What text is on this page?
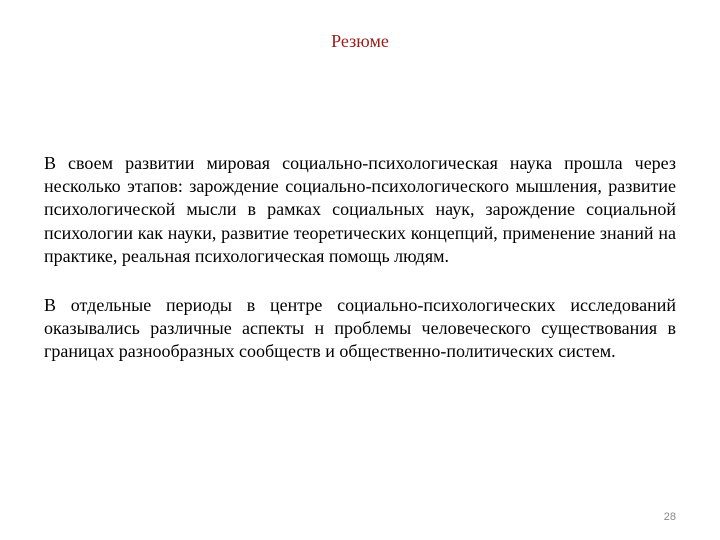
Резюме

В своем развитии мировая социально-психологическая наука прошла через несколько этапов: зарождение социально-психологического мышления, развитие психологической мысли в рамках социальных наук, зарождение социальной психологии как науки, развитие теоретических концепций, применение знаний на практике, реальная психологическая помощь людям.

В отдельные периоды в центре социально-психологических исследований оказывались различные аспекты н проблемы человеческого существования в границах разнообразных сообществ и общественно-политических систем.

28
